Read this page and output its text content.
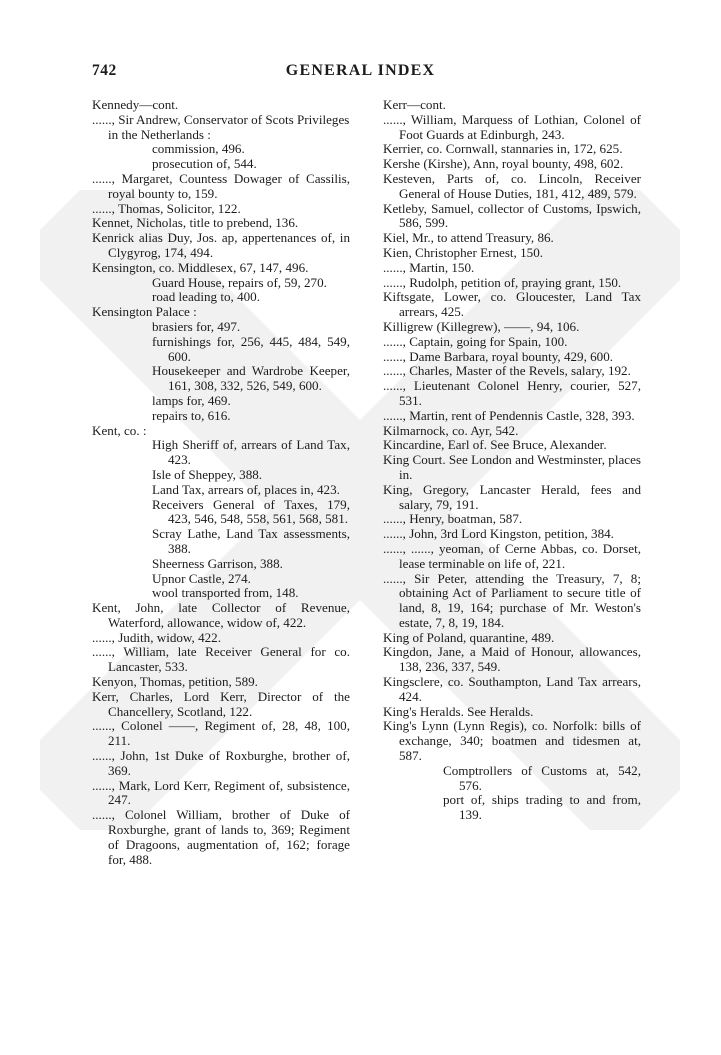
742	GENERAL INDEX
Kennedy—cont.
......, Sir Andrew, Conservator of Scots Privileges in the Netherlands :
commission, 496.
prosecution of, 544.
......, Margaret, Countess Dowager of Cassilis, royal bounty to, 159.
......, Thomas, Solicitor, 122.
Kennet, Nicholas, title to prebend, 136.
Kenrick alias Duy, Jos. ap, appertenances of, in Clygyrog, 174, 494.
Kensington, co. Middlesex, 67, 147, 496.
Guard House, repairs of, 59, 270.
road leading to, 400.
Kensington Palace :
brasiers for, 497.
furnishings for, 256, 445, 484, 549, 600.
Housekeeper and Wardrobe Keeper, 161, 308, 332, 526, 549, 600.
lamps for, 469.
repairs to, 616.
Kent, co. :
High Sheriff of, arrears of Land Tax, 423.
Isle of Sheppey, 388.
Land Tax, arrears of, places in, 423.
Receivers General of Taxes, 179, 423, 546, 548, 558, 561, 568, 581.
Scray Lathe, Land Tax assessments, 388.
Sheerness Garrison, 388.
Upnor Castle, 274.
wool transported from, 148.
Kent, John, late Collector of Revenue, Waterford, allowance, widow of, 422.
......, Judith, widow, 422.
......, William, late Receiver General for co. Lancaster, 533.
Kenyon, Thomas, petition, 589.
Kerr, Charles, Lord Kerr, Director of the Chancellery, Scotland, 122.
......, Colonel ——, Regiment of, 28, 48, 100, 211.
......, John, 1st Duke of Roxburghe, brother of, 369.
......, Mark, Lord Kerr, Regiment of, subsistence, 247.
......, Colonel William, brother of Duke of Roxburghe, grant of lands to, 369; Regiment of Dragoons, augmentation of, 162; forage for, 488.
Kerr—cont.
......, William, Marquess of Lothian, Colonel of Foot Guards at Edinburgh, 243.
Kerrier, co. Cornwall, stannaries in, 172, 625.
Kershe (Kirshe), Ann, royal bounty, 498, 602.
Kesteven, Parts of, co. Lincoln, Receiver General of House Duties, 181, 412, 489, 579.
Ketleby, Samuel, collector of Customs, Ipswich, 586, 599.
Kiel, Mr., to attend Treasury, 86.
Kien, Christopher Ernest, 150.
......, Martin, 150.
......, Rudolph, petition of, praying grant, 150.
Kiftsgate, Lower, co. Gloucester, Land Tax arrears, 425.
Killigrew (Killegrew), ——, 94, 106.
......, Captain, going for Spain, 100.
......, Dame Barbara, royal bounty, 429, 600.
......, Charles, Master of the Revels, salary, 192.
......, Lieutenant Colonel Henry, courier, 527, 531.
......, Martin, rent of Pendennis Castle, 328, 393.
Kilmarnock, co. Ayr, 542.
Kincardine, Earl of. See Bruce, Alexander.
King Court. See London and Westminster, places in.
King, Gregory, Lancaster Herald, fees and salary, 79, 191.
......, Henry, boatman, 587.
......, John, 3rd Lord Kingston, petition, 384.
......, ......, yeoman, of Cerne Abbas, co. Dorset, lease terminable on life of, 221.
......, Sir Peter, attending the Treasury, 7, 8; obtaining Act of Parliament to secure title of land, 8, 19, 164; purchase of Mr. Weston's estate, 7, 8, 19, 184.
King of Poland, quarantine, 489.
Kingdon, Jane, a Maid of Honour, allowances, 138, 236, 337, 549.
Kingsclere, co. Southampton, Land Tax arrears, 424.
King's Heralds. See Heralds.
King's Lynn (Lynn Regis), co. Norfolk: bills of exchange, 340; boatmen and tidesmen at, 587.
Comptrollers of Customs at, 542, 576.
port of, ships trading to and from, 139.
